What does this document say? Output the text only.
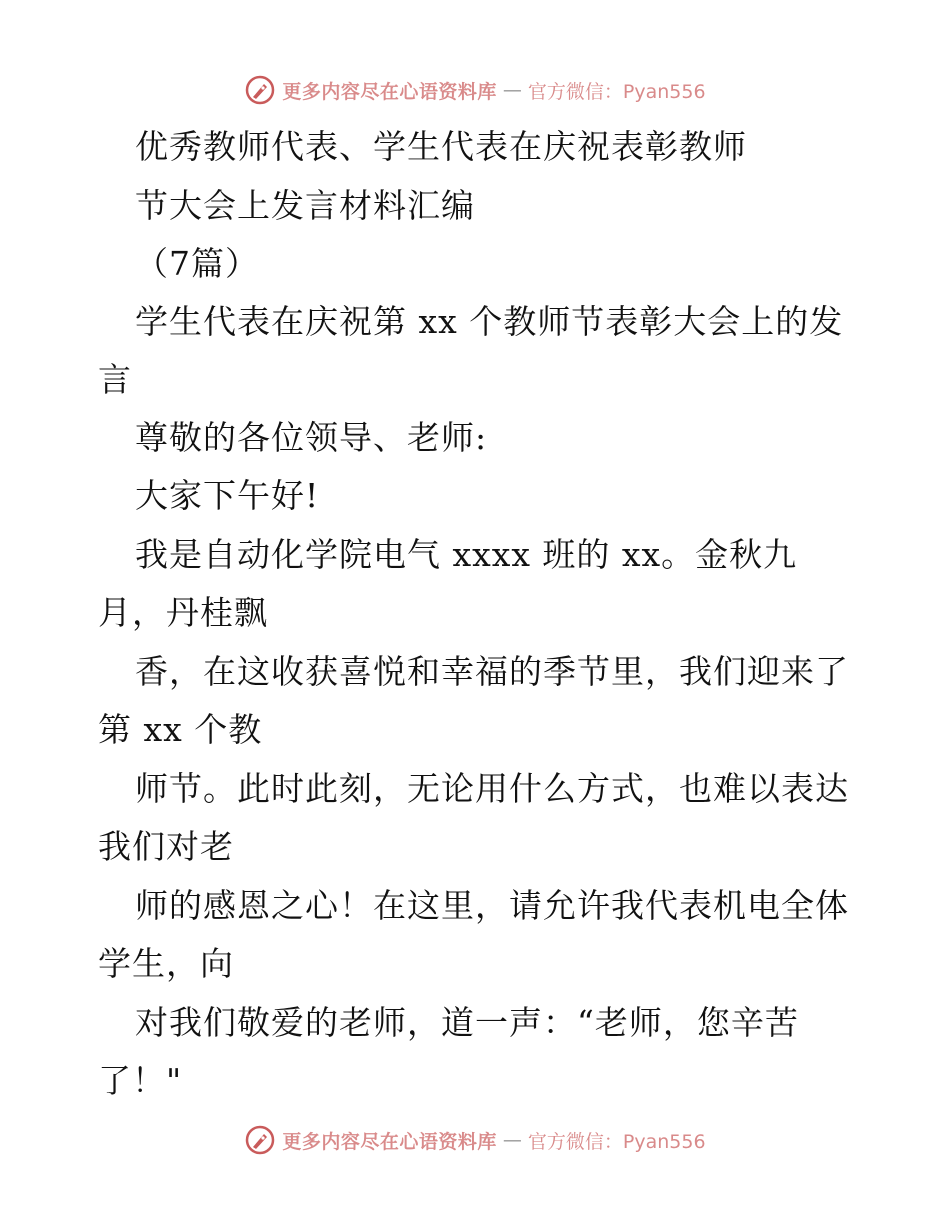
更多内容尽在心语资料库 — 官方微信：Pyan556
优秀教师代表、学生代表在庆祝表彰教师
节大会上发言材料汇编
（7篇）
学生代表在庆祝第 xx 个教师节表彰大会上的发
言
尊敬的各位领导、老师:
大家下午好!
我是自动化学院电气 xxxx 班的 xx。金秋九
月，丹桂飘
香，在这收获喜悦和幸福的季节里，我们迎来了
第 xx 个教
师节。此时此刻，无论用什么方式，也难以表达
我们对老
师的感恩之心！在这里，请允许我代表机电全体
学生，向
对我们敬爱的老师，道一声：“老师，您辛苦
了！"
更多内容尽在心语资料库 — 官方微信：Pyan556
